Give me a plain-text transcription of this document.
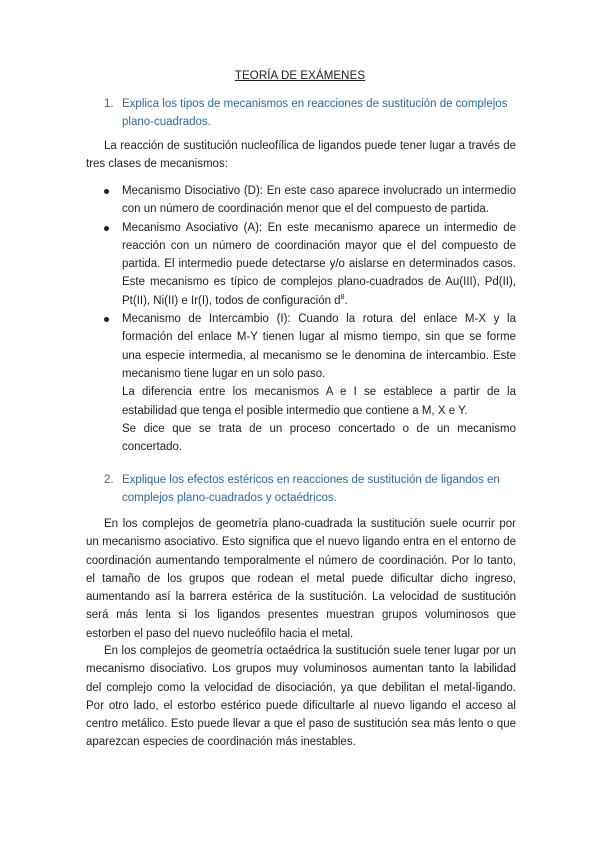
TEORÍA DE EXÁMENES
1. Explica los tipos de mecanismos en reacciones de sustitución de complejos plano-cuadrados.
La reacción de sustitución nucleofílica de ligandos puede tener lugar a través de tres clases de mecanismos:

Mecanismo Disociativo (D): En este caso aparece involucrado un intermedio con un número de coordinación menor que el del compuesto de partida.

Mecanismo Asociativo (A): En este mecanismo aparece un intermedio de reacción con un número de coordinación mayor que el del compuesto de partida. El intermedio puede detectarse y/o aislarse en determinados casos. Este mecanismo es típico de complejos plano-cuadrados de Au(III), Pd(II), Pt(II), Ni(II) e Ir(I), todos de configuración $d^8$.

Mecanismo de Intercambio (I): Cuando la rotura del enlace M-X y la formación del enlace M-Y tienen lugar al mismo tiempo, sin que se forme una especie intermedia, al mecanismo se le denomina de intercambio. Este mecanismo tiene lugar en un solo paso.

La diferencia entre los mecanismos A e I se establece a partir de la estabilidad que tenga el posible intermedio que contiene a M, X e Y.

Se dice que se trata de un proceso concertado o de un mecanismo concertado.

2. Explique los efectos estéricos en reacciones de sustitución de ligandos en complejos plano-cuadrados y octaédricos.
En los complejos de geometría plano-cuadrada la sustitución suele ocurrir por un mecanismo asociativo. Esto significa que el nuevo ligando entra en el entorno de coordinación aumentando temporalmente el número de coordinación. Por lo tanto, el tamaño de los grupos que rodean el metal puede dificultar dicho ingreso, aumentando así la barrera estérica de la sustitución. La velocidad de sustitución será más lenta si los ligandos presentes muestran grupos voluminosos que estorben el paso del nuevo nucleófilo hacia el metal.
En los complejos de geometría octaédrica la sustitución suele tener lugar por un mecanismo disociativo. Los grupos muy voluminosos aumentan tanto la labilidad del complejo como la velocidad de disociación, ya que debilitan el metal-ligando. Por otro lado, el estorbo estérico puede dificultarle al nuevo ligando el acceso al centro metálico. Esto puede llevar a que el paso de sustitución sea más lento o que aparezcan especies de coordinación más inestables.
